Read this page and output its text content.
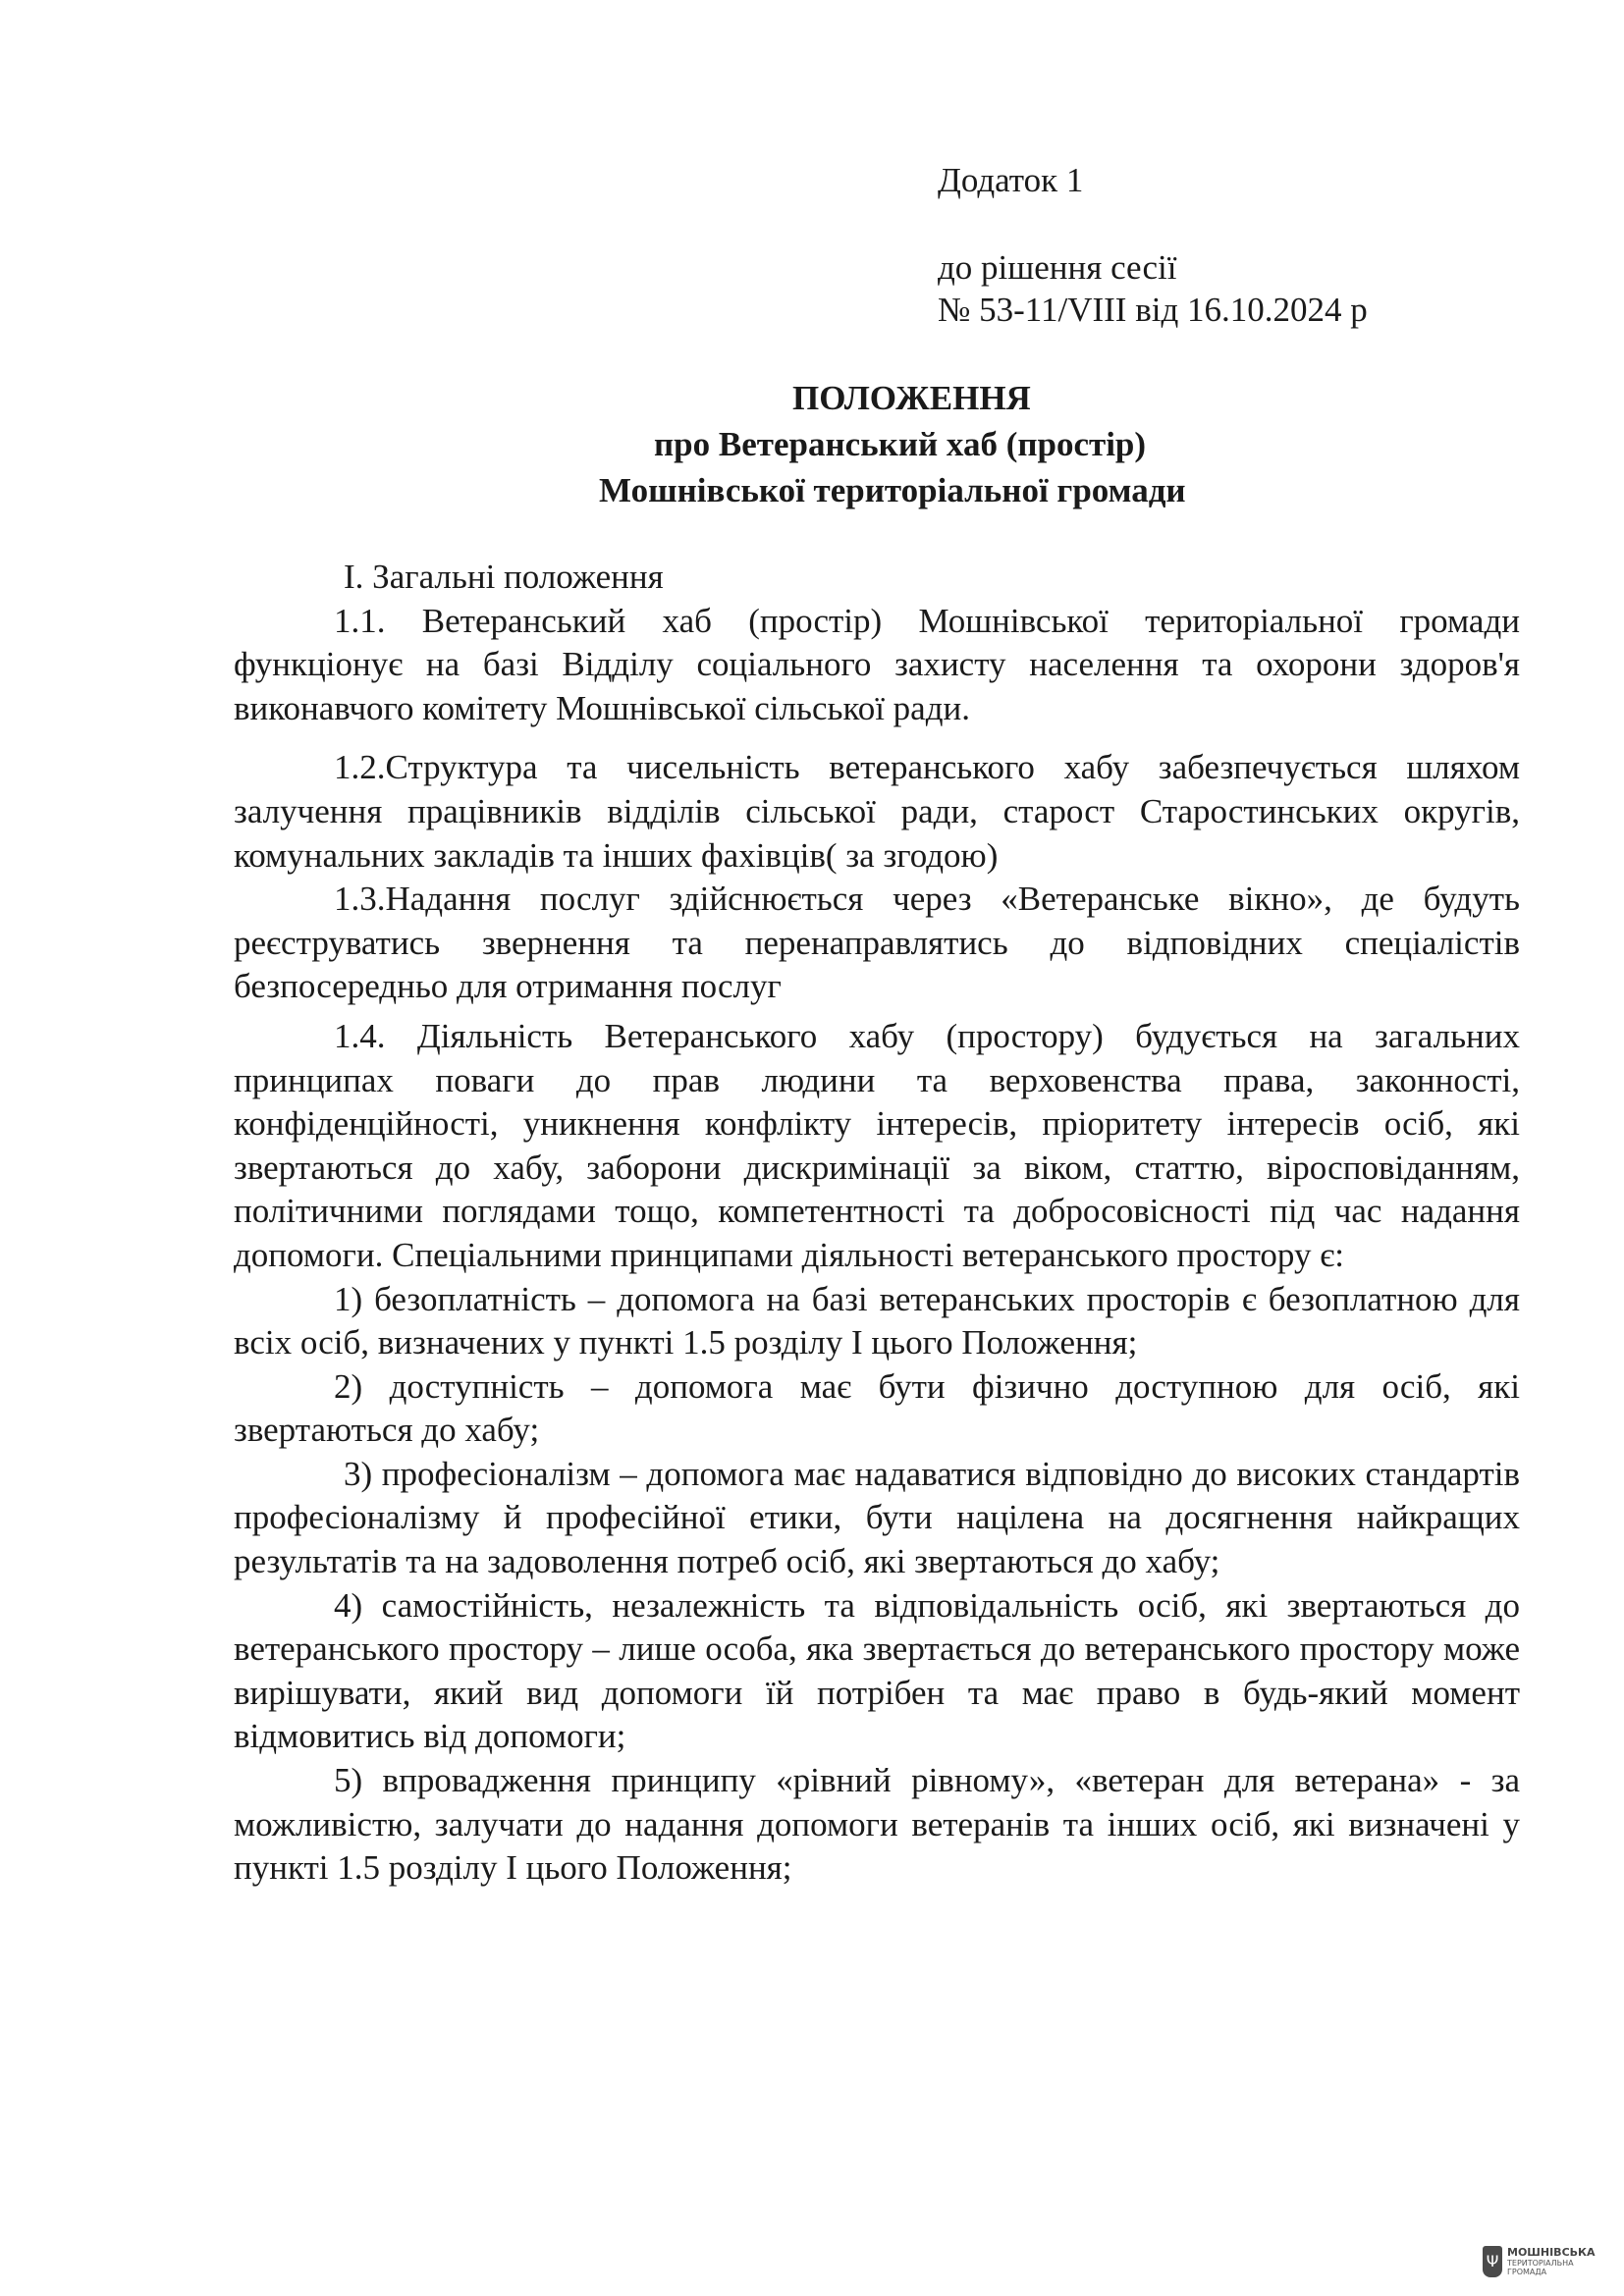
Додаток 1
до рішення сесії
№ 53-11/VIII від 16.10.2024 р
ПОЛОЖЕННЯ
про Ветеранський хаб (простір)
Мошнівської територіальної громади

І. Загальні положення

1.1. Ветеранський хаб (простір) Мошнівської територіальної громади функціонує на базі Відділу соціального захисту населення та охорони здоров'я виконавчого комітету Мошнівської сільської ради.

1.2.Структура та чисельність ветеранського хабу забезпечується шляхом залучення працівників відділів сільської ради, старост Старостинських округів, комунальних закладів та інших фахівців( за згодою)

1.3.Надання послуг здійснюється через «Ветеранське вікно», де будуть реєструватись звернення та перенаправлятись до відповідних спеціалістів безпосередньо для отримання послуг

1.4. Діяльність Ветеранського хабу (простору) будується на загальних принципах поваги до прав людини та верховенства права, законності, конфіденційності, уникнення конфлікту інтересів, пріоритету інтересів осіб, які звертаються до хабу, заборони дискримінації за віком, статтю, віросповіданням, політичними поглядами тощо, компетентності та добросовісності під час надання допомоги. Спеціальними принципами діяльності ветеранського простору є:

1) безоплатність – допомога на базі ветеранських просторів є безоплатною для всіх осіб, визначених у пункті 1.5 розділу І цього Положення;

2) доступність – допомога має бути фізично доступною для осіб, які звертаються до хабу;

3) професіоналізм – допомога має надаватися відповідно до високих стандартів професіоналізму й професійної етики, бути націлена на досягнення найкращих результатів та на задоволення потреб осіб, які звертаються до хабу;

4) самостійність, незалежність та відповідальність осіб, які звертаються до ветеранського простору – лише особа, яка звертається до ветеранського простору може вирішувати, який вид допомоги їй потрібен та має право в будь-який момент відмовитись від допомоги;

5) впровадження принципу «рівний рівному», «ветеран для ветерана» - за можливістю, залучати до надання допомоги ветеранів та інших осіб, які визначені у пункті 1.5 розділу І цього Положення;

Ψ МОШНІВСЬКА
ТЕРИТОРІАЛЬНА
ГРОМАДА
